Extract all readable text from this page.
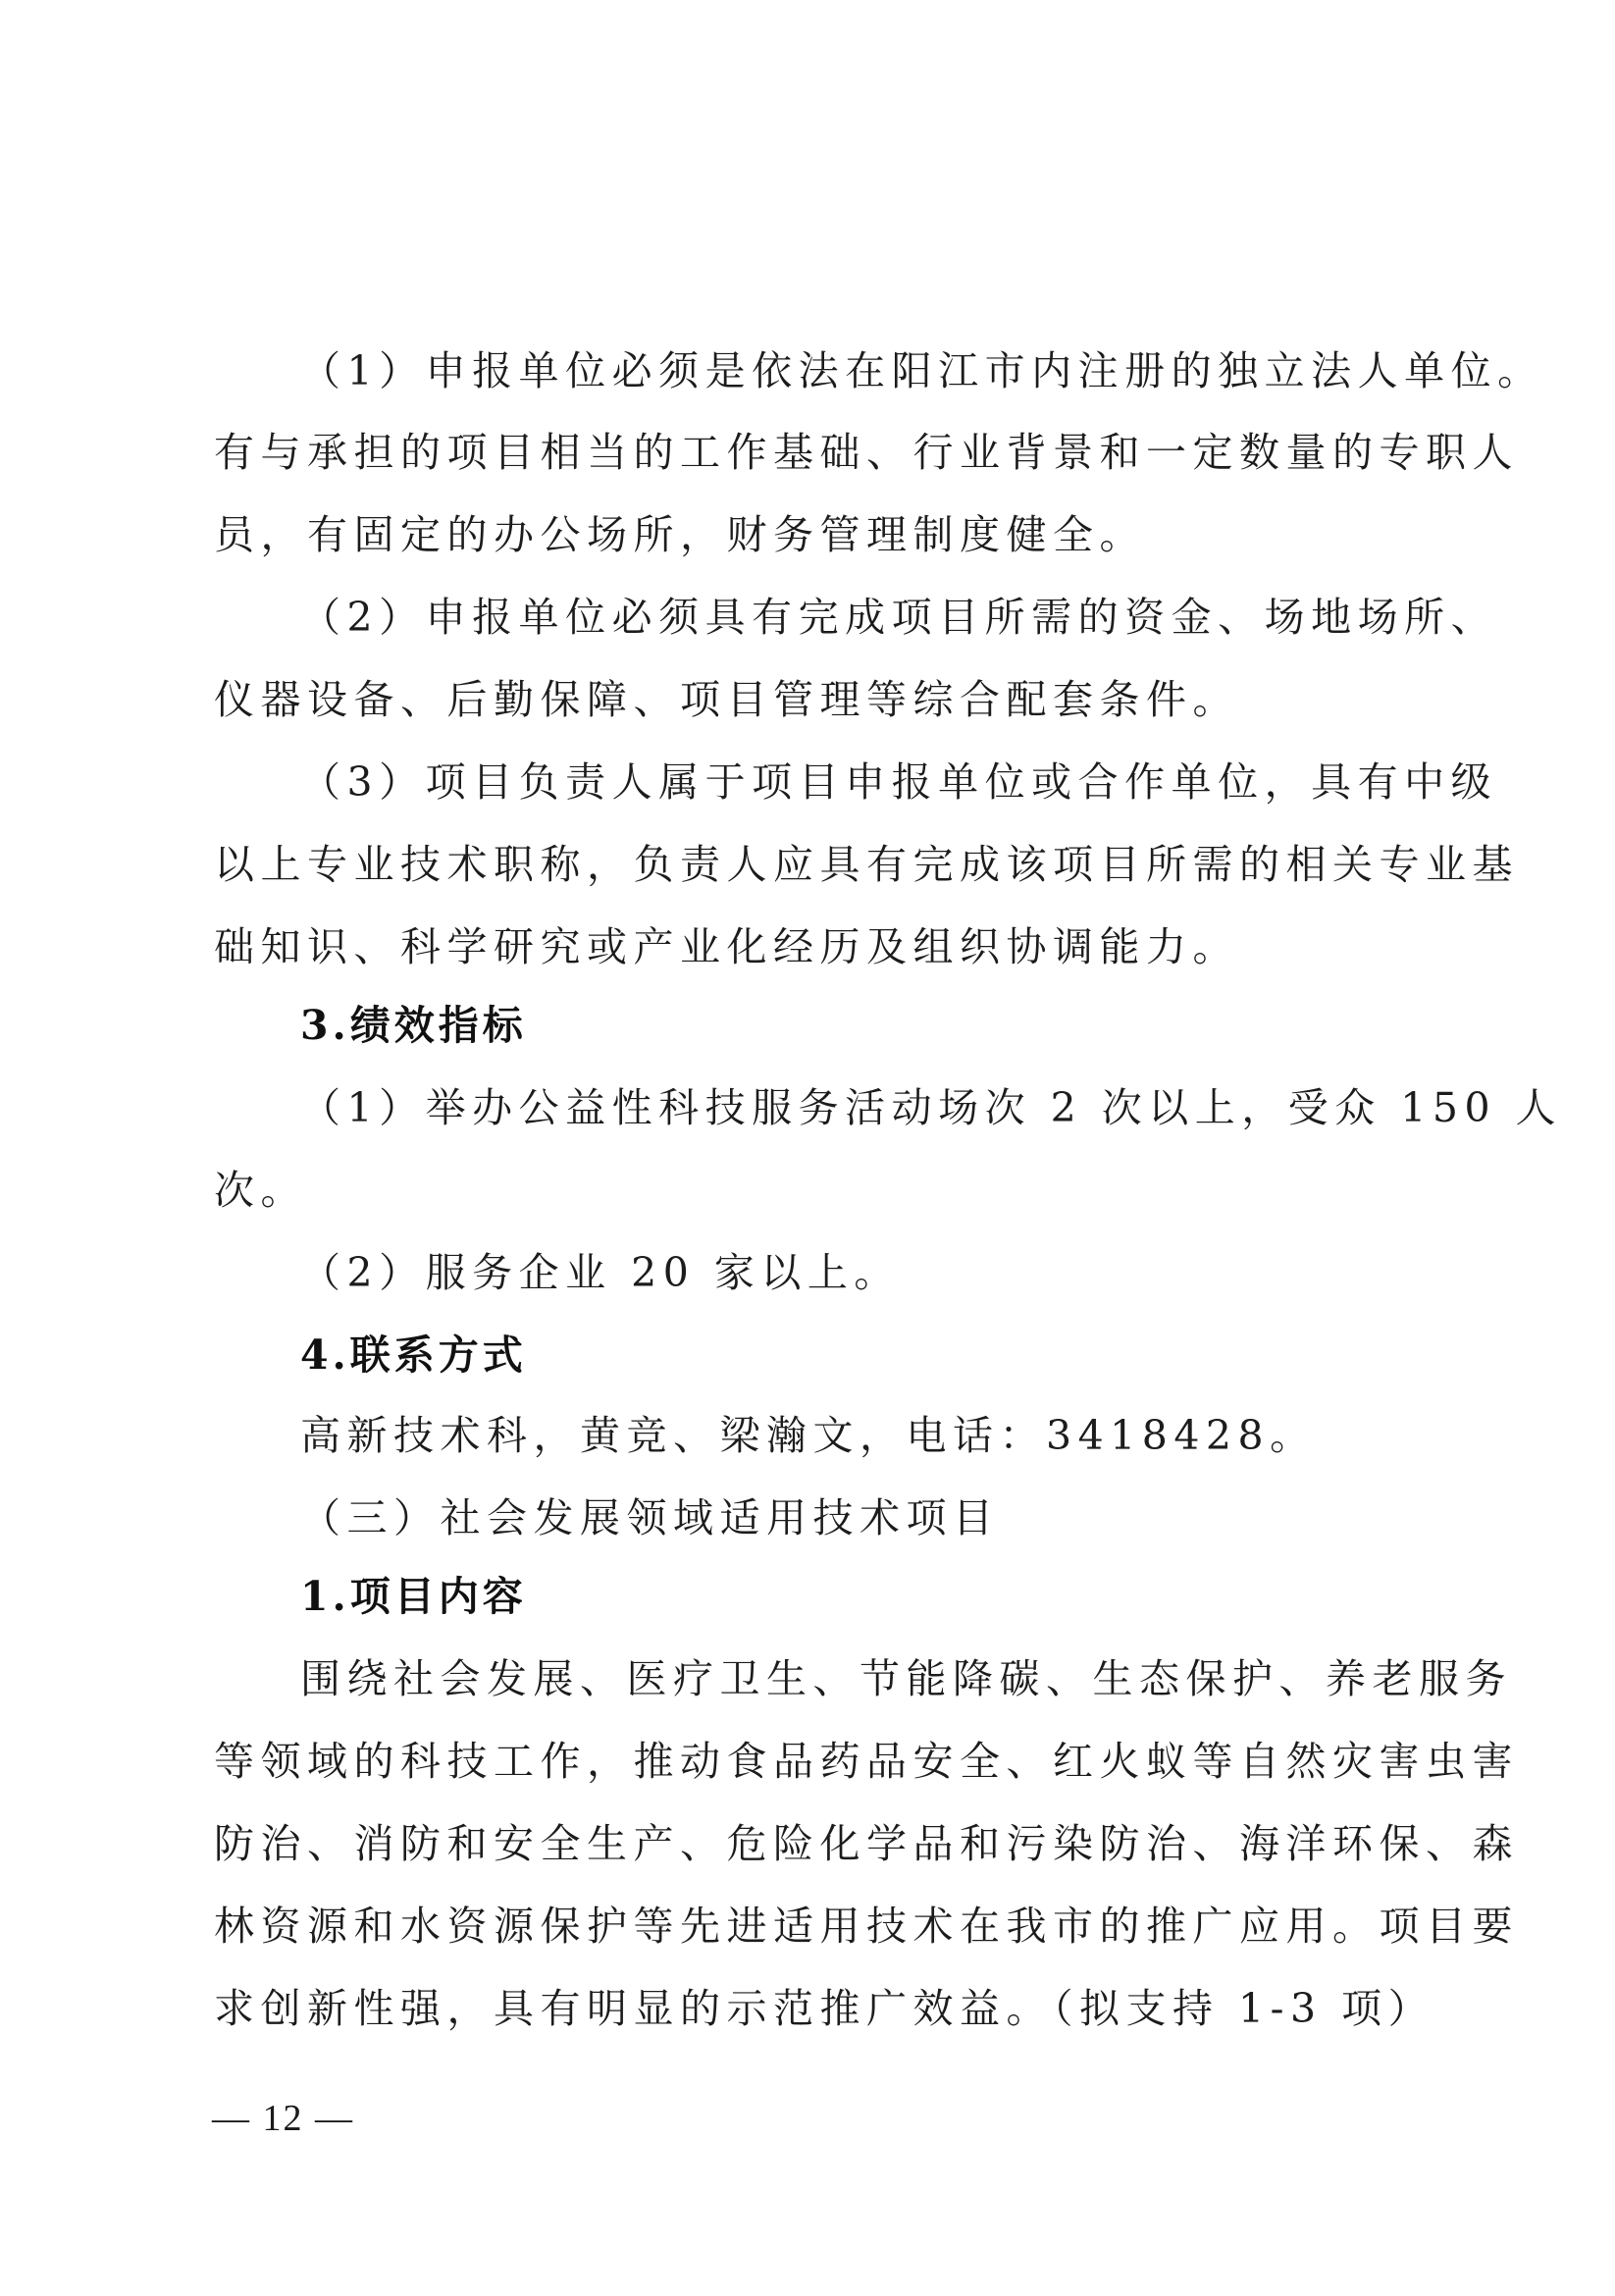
（1）申报单位必须是依法在阳江市内注册的独立法人单位。
有与承担的项目相当的工作基础、行业背景和一定数量的专职人
员，有固定的办公场所，财务管理制度健全。
（2）申报单位必须具有完成项目所需的资金、场地场所、
仪器设备、后勤保障、项目管理等综合配套条件。
（3）项目负责人属于项目申报单位或合作单位，具有中级
以上专业技术职称，负责人应具有完成该项目所需的相关专业基
础知识、科学研究或产业化经历及组织协调能力。
3.绩效指标
（1）举办公益性科技服务活动场次 2 次以上，受众 150 人
次。
（2）服务企业 20 家以上。
4.联系方式
高新技术科，黄竞、梁瀚文，电话：3418428。
（三）社会发展领域适用技术项目
1.项目内容
围绕社会发展、医疗卫生、节能降碳、生态保护、养老服务
等领域的科技工作，推动食品药品安全、红火蚁等自然灾害虫害
防治、消防和安全生产、危险化学品和污染防治、海洋环保、森
林资源和水资源保护等先进适用技术在我市的推广应用。项目要
求创新性强，具有明显的示范推广效益。（拟支持 1-3 项）
— 12 —
